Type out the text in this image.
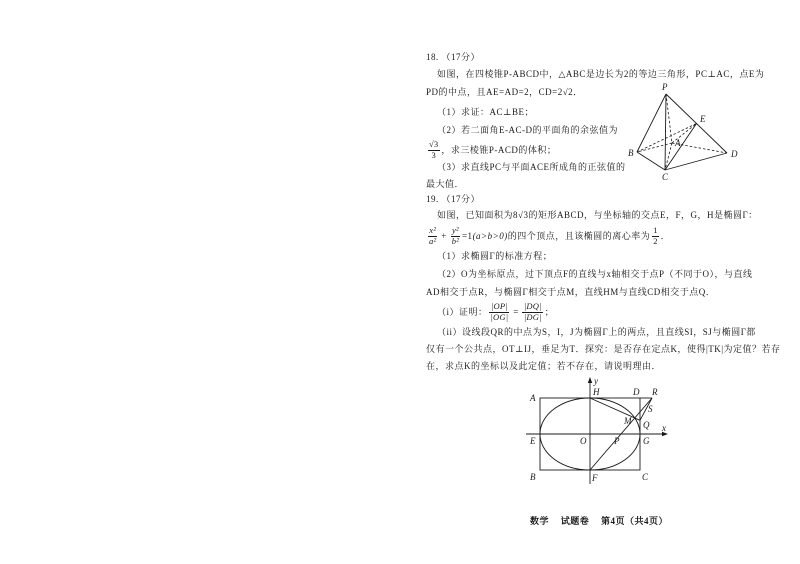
18. （17分）
如图，在四棱锥P-ABCD中，△ABC是边长为2的等边三角形，PC⊥AC，点E为
PD的中点，且AE=AD=2，CD=2√2．
（1）求证：AC⊥BE；
（2）若二面角E-AC-D的平面角的余弦值为
$\frac{√3}{3}$ ，求三棱锥P-ACD的体积；
（3）求直线PC与平面ACE所成角的正弦值的
最大值．
P
E
A
B	D
C
19. （17分）
如图，已知面积为8√3的矩形ABCD，与坐标轴的交点E，F，G，H是椭圆Γ：
$\frac{\text{x²}}{\text{a²}} + \frac{\text{y²}}{\text{b²}} =1$ (a>b>0) 的四个顶点，且该椭圆的离心率为 $\frac{1}{2}$ ．
（1）求椭圆Γ的标准方程；
（2）O为坐标原点，过下顶点F的直线与x轴相交于点P（不同于O），与直线
AD相交于点R，与椭圆Γ相交于点M，直线HM与直线CD相交于点Q．
（i）证明： $\frac{|OP|}{|OG|} = \frac{|DQ|}{|DG|}$ ；
（ii）设线段QR的中点为S，I，J为椭圆Γ上的两点，且直线SI，SJ与椭圆Γ都
仅有一个公共点，OT⊥IJ，垂足为T．探究：是否存在定点K，使得|TK|为定值？若存
在，求点K的坐标以及此定值；若不存在，请说明理由．
y
x
A
H	D R
S
M Q
E	O	P	G
B	F	C
数学 试题卷 第4页（共4页）
